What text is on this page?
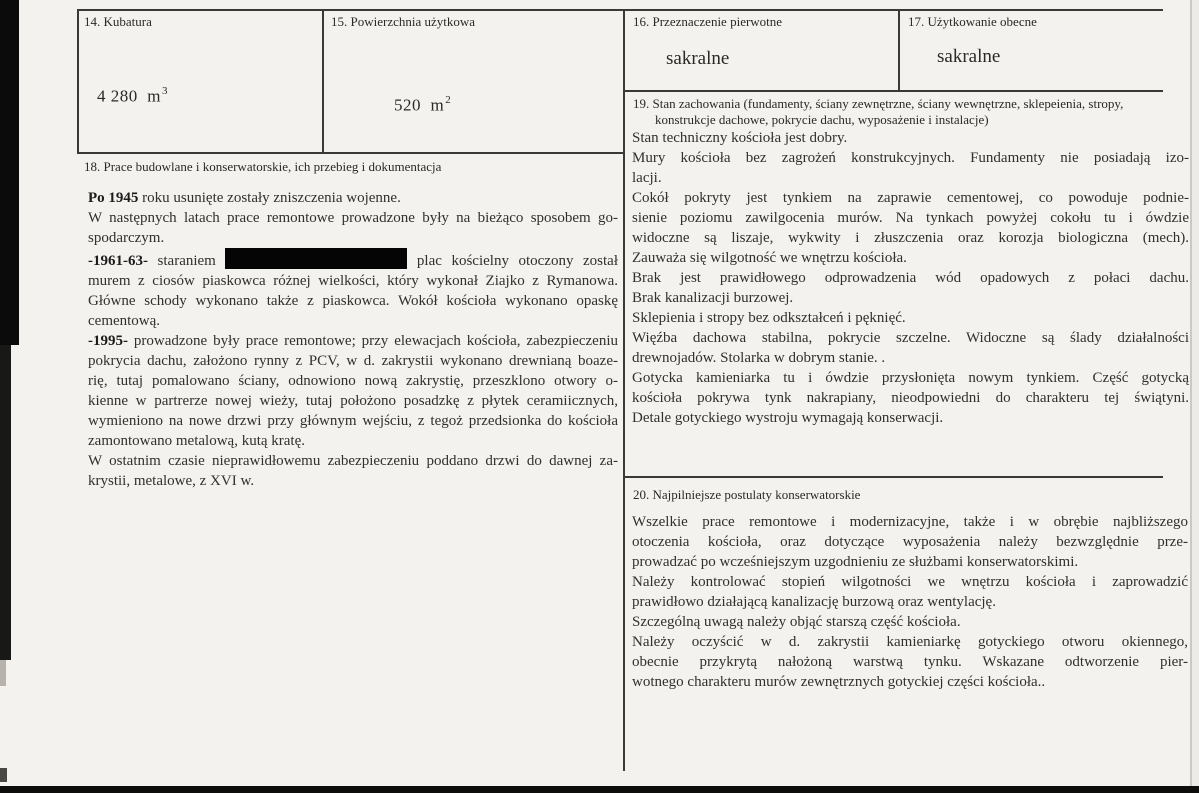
14. Kubatura
4 280 $m^3$
15. Powierzchnia użytkowa
520 $m^2$
16. Przeznaczenie pierwotne
sakralne
17. Użytkowanie obecne
sakralne
18. Prace budowlane i konserwatorskie, ich przebieg i dokumentacja
Po 1945 roku usunięte zostały zniszczenia wojenne.
W następnych latach prace remontowe prowadzone były na bieżąco sposobem go-
spodarczym.
-1961-63- staraniem	plac kościelny otoczony został
murem z ciosów piaskowca różnej wielkości, który wykonał Ziajko z Rymanowa.
Główne schody wykonano także z piaskowca. Wokół kościoła wykonano opaskę
cementową.
-1995- prowadzone były prace remontowe; przy elewacjach kościoła, zabezpieczeniu
pokrycia dachu, założono rynny z PCV, w d. zakrystii wykonano drewnianą boaze-
rię, tutaj pomalowano ściany, odnowiono nową zakrystię, przeszklono otwory o-
kienne w partrerze nowej wieży, tutaj położono posadzkę z płytek ceramiicznych,
wymieniono na nowe drzwi przy głównym wejściu, z tegoż przedsionka do kościoła
zamontowano metalową, kutą kratę.
W ostatnim czasie nieprawidłowemu zabezpieczeniu poddano drzwi do dawnej za-
krystii, metalowe, z XVI w.
19. Stan zachowania (fundamenty, ściany zewnętrzne, ściany wewnętrzne, sklepeienia, stropy,
konstrukcje dachowe, pokrycie dachu, wyposażenie i instalacje)
Stan techniczny kościoła jest dobry.
Mury kościoła bez zagrożeń konstrukcyjnych. Fundamenty nie posiadają izo-
lacji.
Cokół pokryty jest tynkiem na zaprawie cementowej, co powoduje podnie-
sienie poziomu zawilgocenia murów. Na tynkach powyżej cokołu tu i ówdzie
widoczne są liszaje, wykwity i złuszczenia oraz korozja biologiczna (mech).
Zauważa się wilgotność we wnętrzu kościoła.
Brak jest prawidłowego odprowadzenia wód opadowych z połaci dachu.
Brak kanalizacji burzowej.
Sklepienia i stropy bez odkształceń i pęknięć.
Więźba dachowa stabilna, pokrycie szczelne. Widoczne są ślady działalności
drewnojadów. Stolarka w dobrym stanie. .
Gotycka kamieniarka tu i ówdzie przysłonięta nowym tynkiem. Część gotycką
kościoła pokrywa tynk nakrapiany, nieodpowiedni do charakteru tej świątyni.
Detale gotyckiego wystroju wymagają konserwacji.
20. Najpilniejsze postulaty konserwatorskie
Wszelkie prace remontowe i modernizacyjne, także i w obrębie najbliższego
otoczenia kościoła, oraz dotyczące wyposażenia należy bezwzględnie prze-
prowadzać po wcześniejszym uzgodnieniu ze służbami konserwatorskimi.
Należy kontrolować stopień wilgotności we wnętrzu kościoła i zaprowadzić
prawidłowo działającą kanalizację burzową oraz wentylację.
Szczególną uwagą należy objąć starszą część kościoła.
Należy oczyścić w d. zakrystii kamieniarkę gotyckiego otworu okiennego,
obecnie przykrytą nałożoną warstwą tynku. Wskazane odtworzenie pier-
wotnego charakteru murów zewnętrznych gotyckiej części kościoła..
